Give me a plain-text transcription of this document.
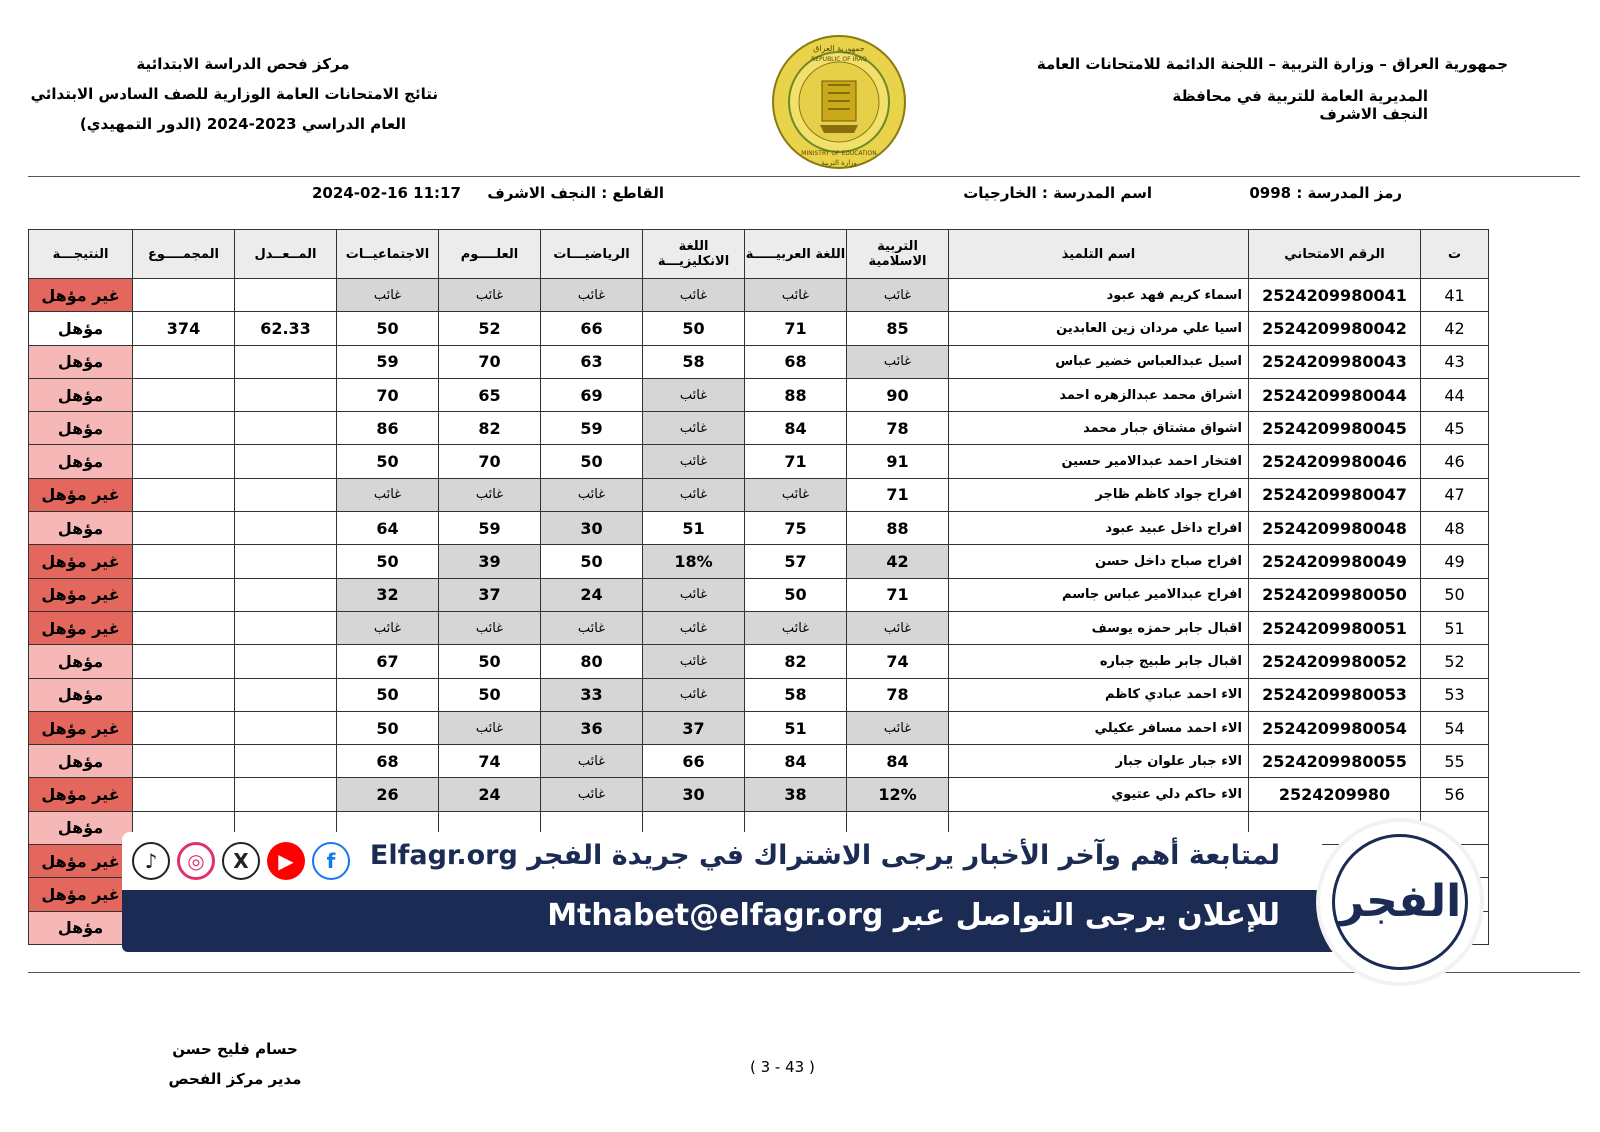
جمهورية العراق – وزارة التربية – اللجنة الدائمة للامتحانات العامة
المديرية العامة للتربية في محافظة
النجف الاشرف
مركز فحص الدراسة الابتدائية
نتائج الامتحانات العامة الوزارية للصف السادس الابتدائي
العام الدراسي 2023-2024 (الدور التمهيدي)
جمهورية العراق
REPUBLIC OF IRAQ
MINISTRY OF EDUCATION
وزارة التربية
رمز المدرسة : 0998
اسم المدرسة : الخارجيات
القاطع : النجف الاشرف
2024-02-16 11:17
ت	الرقم الامتحاني	اسم التلميذ	التربية الاسلامية	اللغة العربيـــــة	اللغة الانكليزيـــة	الرياضيـــات	العلــــوم	الاجتماعيــات	المــعــدل	المجمــــوع	النتيجـــة
41	2524209980041	اسماء كريم فهد عبود	غائب	غائب	غائب	غائب	غائب	غائب			غير مؤهل
42	2524209980042	اسيا علي مردان زين العابدين	85	71	50	66	52	50	62.33	374	مؤهل
43	2524209980043	اسيل عبدالعباس خضير عباس	غائب	68	58	63	70	59			مؤهل
44	2524209980044	اشراق محمد عبدالزهره احمد	90	88	غائب	69	65	70			مؤهل
45	2524209980045	اشواق مشتاق جبار محمد	78	84	غائب	59	82	86			مؤهل
46	2524209980046	افتخار احمد عبدالامير حسين	91	71	غائب	50	70	50			مؤهل
47	2524209980047	افراح جواد كاظم ظاجر	71	غائب	غائب	غائب	غائب	غائب			غير مؤهل
48	2524209980048	افراح داخل عبيد عبود	88	75	51	30	59	64			مؤهل
49	2524209980049	افراح صباح داخل حسن	42	57	18%	50	39	50			غير مؤهل
50	2524209980050	افراح عبدالامير عباس جاسم	71	50	غائب	24	37	32			غير مؤهل
51	2524209980051	اقبال جابر حمزه يوسف	غائب	غائب	غائب	غائب	غائب	غائب			غير مؤهل
52	2524209980052	اقبال جابر طبيج جباره	74	82	غائب	80	50	67			مؤهل
53	2524209980053	الاء احمد عبادي كاظم	78	58	غائب	33	50	50			مؤهل
54	2524209980054	الاء احمد مسافر عكيلي	غائب	51	37	36	غائب	50			غير مؤهل
55	2524209980055	الاء جبار علوان جبار	84	84	66	غائب	74	68			مؤهل
56	2524209980	الاء حاكم دلي عتيوي	12%	38	30	غائب	24	26			غير مؤهل
											مؤهل
											غير مؤهل
											غير مؤهل
											مؤهل
♪ ◎ X ▶ f	لمتابعة أهم وآخر الأخبار يرجى الاشتراك في جريدة الفجر Elfagr.org
للإعلان يرجى التواصل عبر Mthabet@elfagr.org الفجر
حسام فليح حسن
مدير مركز الفحص
( 3 - 43 )
